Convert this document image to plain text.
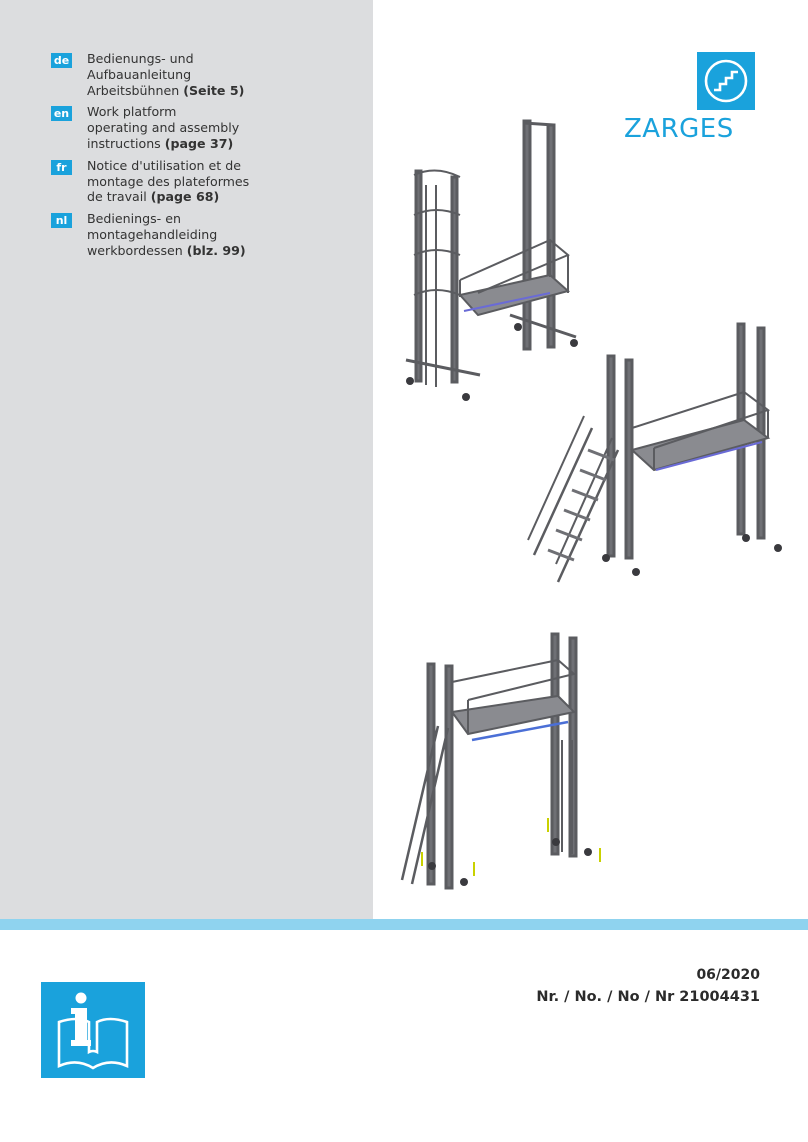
de Bedienungs- und
Aufbauanleitung
Arbeitsbühnen (Seite 5)
en Work platform
operating and assembly
instructions (page 37)
fr	Notice d'utilisation et de
montage des plateformes
de travail (page 68)
nl	Bedienings- en
montagehandleiding
werkbordessen (blz. 99)
ZARGES
06/2020
Nr. / No. / No / Nr 21004431
